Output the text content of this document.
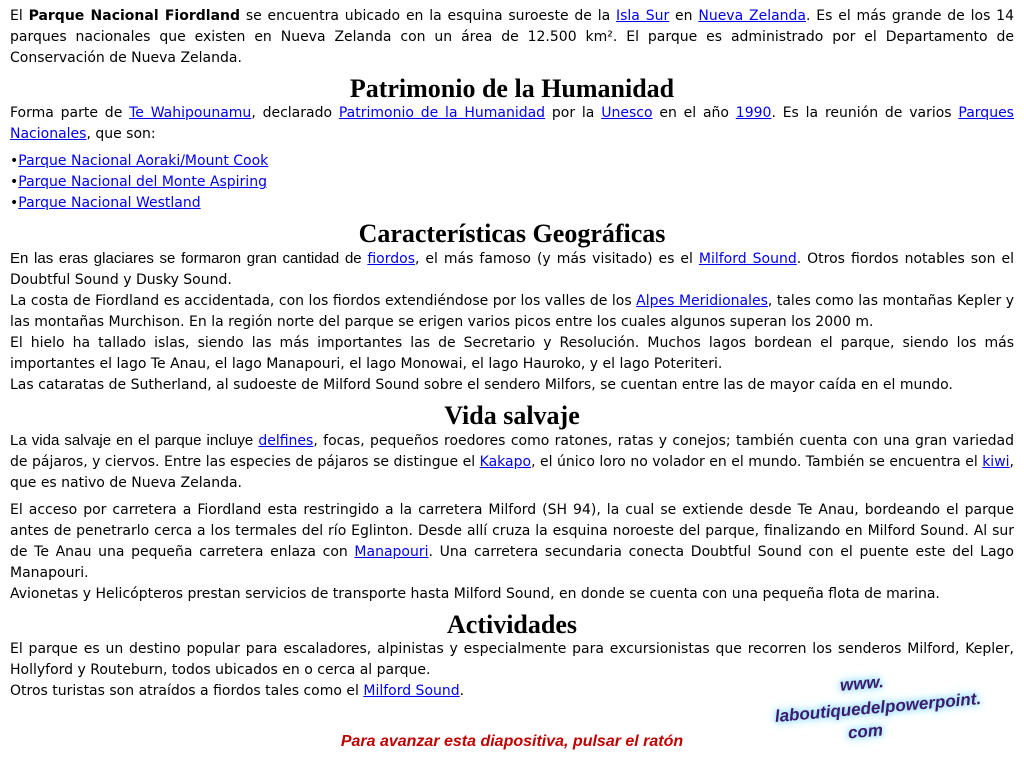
El Parque Nacional Fiordland se encuentra ubicado en la esquina suroeste de la Isla Sur en Nueva Zelanda. Es el más grande de los 14 parques nacionales que existen en Nueva Zelanda con un área de 12.500 km². El parque es administrado por el Departamento de Conservación de Nueva Zelanda.

Patrimonio de la Humanidad

Forma parte de Te Wahipounamu, declarado Patrimonio de la Humanidad por la Unesco en el año 1990. Es la reunión de varios Parques Nacionales, que son:

•Parque Nacional Aoraki/Mount Cook
•Parque Nacional del Monte Aspiring
•Parque Nacional Westland
Características Geográficas

En las eras glaciares se formaron gran cantidad de fiordos, el más famoso (y más visitado) es el Milford Sound. Otros fiordos notables son el Doubtful Sound y Dusky Sound.

La costa de Fiordland es accidentada, con los fiordos extendiéndose por los valles de los Alpes Meridionales, tales como las montañas Kepler y las montañas Murchison. En la región norte del parque se erigen varios picos entre los cuales algunos superan los 2000 m.

El hielo ha tallado islas, siendo las más importantes las de Secretario y Resolución. Muchos lagos bordean el parque, siendo los más importantes el lago Te Anau, el lago Manapouri, el lago Monowai, el lago Hauroko, y el lago Poteriteri.

Las cataratas de Sutherland, al sudoeste de Milford Sound sobre el sendero Milfors, se cuentan entre las de mayor caída en el mundo.

Vida salvaje

La vida salvaje en el parque incluye delfines, focas, pequeños roedores como ratones, ratas y conejos; también cuenta con una gran variedad de pájaros, y ciervos. Entre las especies de pájaros se distingue el Kakapo, el único loro no volador en el mundo. También se encuentra el kiwi, que es nativo de Nueva Zelanda.

El acceso por carretera a Fiordland esta restringido a la carretera Milford (SH 94), la cual se extiende desde Te Anau, bordeando el parque antes de penetrarlo cerca a los termales del río Eglinton. Desde allí cruza la esquina noroeste del parque, finalizando en Milford Sound. Al sur de Te Anau una pequeña carretera enlaza con Manapouri. Una carretera secundaria conecta Doubtful Sound con el puente este del Lago Manapouri.

Avionetas y Helicópteros prestan servicios de transporte hasta Milford Sound, en donde se cuenta con una pequeña flota de marina.

Actividades

El parque es un destino popular para escaladores, alpinistas y especialmente para excursionistas que recorren los senderos Milford, Kepler, Hollyford y Routeburn, todos ubicados en o cerca al parque.

Otros turistas son atraídos a fiordos tales como el Milford Sound.	www.
laboutiquedelpowerpoint.
com
Para avanzar esta diapositiva, pulsar el ratón
